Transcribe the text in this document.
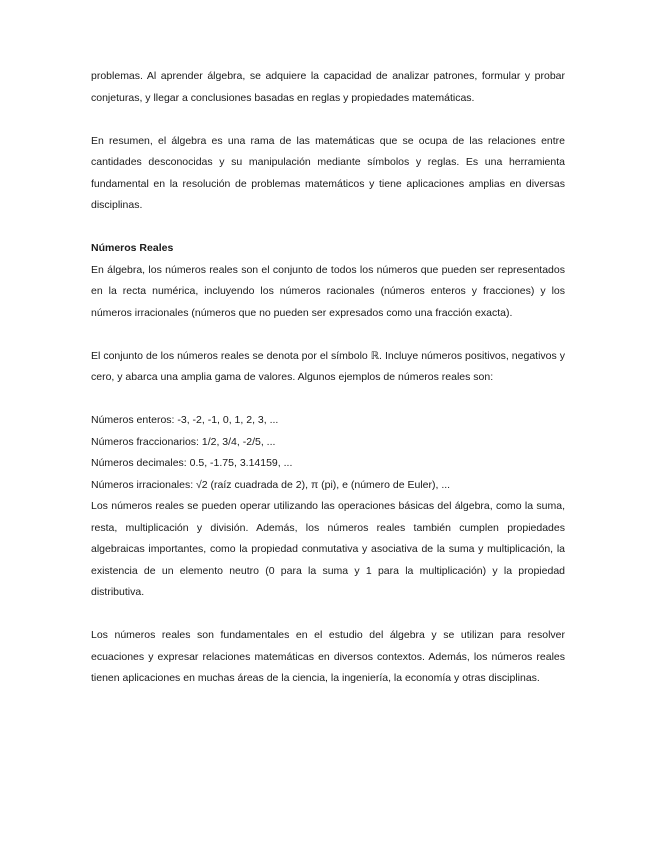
problemas. Al aprender álgebra, se adquiere la capacidad de analizar patrones, formular y probar conjeturas, y llegar a conclusiones basadas en reglas y propiedades matemáticas.

En resumen, el álgebra es una rama de las matemáticas que se ocupa de las relaciones entre cantidades desconocidas y su manipulación mediante símbolos y reglas. Es una herramienta fundamental en la resolución de problemas matemáticos y tiene aplicaciones amplias en diversas disciplinas.

Números Reales

En álgebra, los números reales son el conjunto de todos los números que pueden ser representados en la recta numérica, incluyendo los números racionales (números enteros y fracciones) y los números irracionales (números que no pueden ser expresados como una fracción exacta).

El conjunto de los números reales se denota por el símbolo ℝ. Incluye números positivos, negativos y cero, y abarca una amplia gama de valores. Algunos ejemplos de números reales son:

Números enteros: -3, -2, -1, 0, 1, 2, 3, ...

Números fraccionarios: 1/2, 3/4, -2/5, ...

Números decimales: 0.5, -1.75, 3.14159, ...

Números irracionales: √2 (raíz cuadrada de 2), π (pi), e (número de Euler), ...

Los números reales se pueden operar utilizando las operaciones básicas del álgebra, como la suma, resta, multiplicación y división. Además, los números reales también cumplen propiedades algebraicas importantes, como la propiedad conmutativa y asociativa de la suma y multiplicación, la existencia de un elemento neutro (0 para la suma y 1 para la multiplicación) y la propiedad distributiva.

Los números reales son fundamentales en el estudio del álgebra y se utilizan para resolver ecuaciones y expresar relaciones matemáticas en diversos contextos. Además, los números reales tienen aplicaciones en muchas áreas de la ciencia, la ingeniería, la economía y otras disciplinas.
